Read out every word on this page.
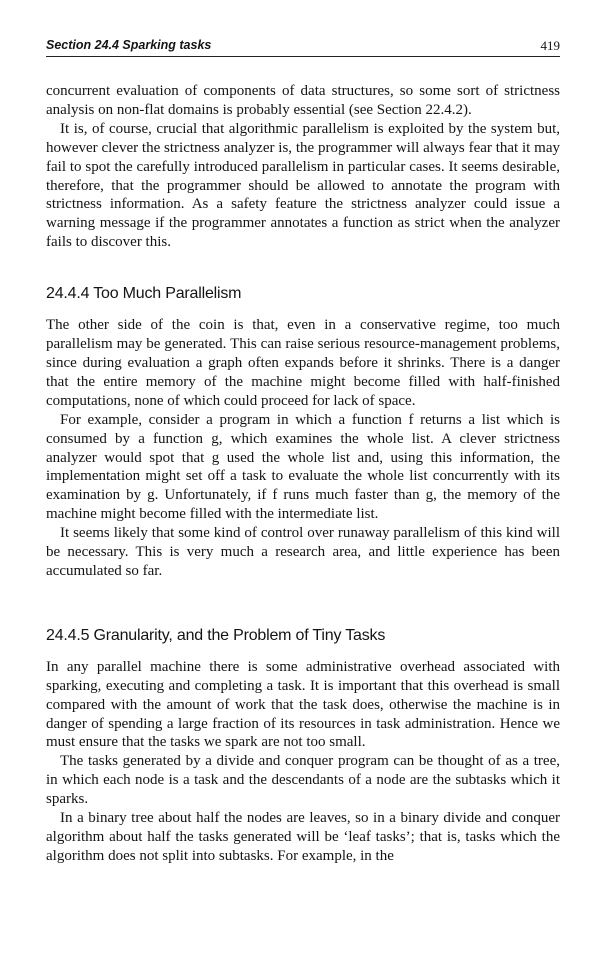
Section 24.4 Sparking tasks	419

concurrent evaluation of components of data structures, so some sort of strictness analysis on non-flat domains is probably essential (see Section 22.4.2).

It is, of course, crucial that algorithmic parallelism is exploited by the system but, however clever the strictness analyzer is, the programmer will always fear that it may fail to spot the carefully introduced parallelism in particular cases. It seems desirable, therefore, that the programmer should be allowed to annotate the program with strictness information. As a safety feature the strictness analyzer could issue a warning message if the programmer annotates a function as strict when the analyzer fails to discover this.

24.4.4 Too Much Parallelism

The other side of the coin is that, even in a conservative regime, too much parallelism may be generated. This can raise serious resource-management problems, since during evaluation a graph often expands before it shrinks. There is a danger that the entire memory of the machine might become filled with half-finished computations, none of which could proceed for lack of space.

For example, consider a program in which a function f returns a list which is consumed by a function g, which examines the whole list. A clever strictness analyzer would spot that g used the whole list and, using this information, the implementation might set off a task to evaluate the whole list concurrently with its examination by g. Unfortunately, if f runs much faster than g, the memory of the machine might become filled with the intermediate list.

It seems likely that some kind of control over runaway parallelism of this kind will be necessary. This is very much a research area, and little experience has been accumulated so far.

24.4.5 Granularity, and the Problem of Tiny Tasks

In any parallel machine there is some administrative overhead associated with sparking, executing and completing a task. It is important that this overhead is small compared with the amount of work that the task does, otherwise the machine is in danger of spending a large fraction of its resources in task administration. Hence we must ensure that the tasks we spark are not too small.

The tasks generated by a divide and conquer program can be thought of as a tree, in which each node is a task and the descendants of a node are the subtasks which it sparks.

In a binary tree about half the nodes are leaves, so in a binary divide and conquer algorithm about half the tasks generated will be ‘leaf tasks’; that is, tasks which the algorithm does not split into subtasks. For example, in the
